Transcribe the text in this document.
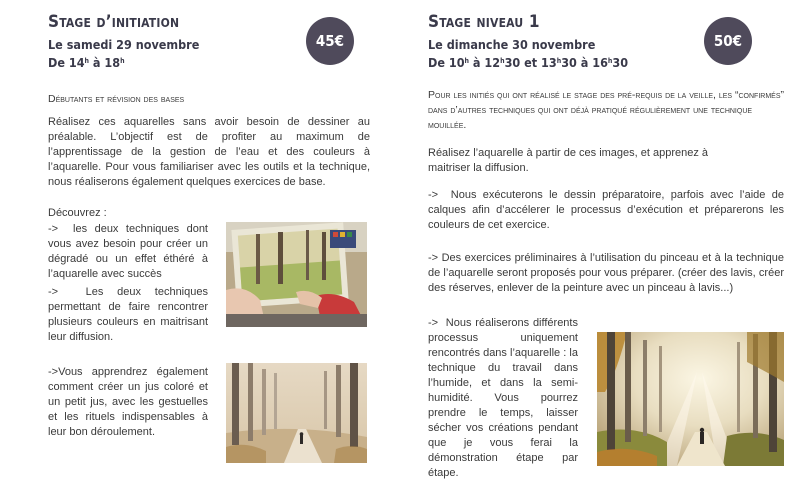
Stage d’initiation

Le samedi 29 novembre

De 14$^h$ à 18$^h$

Débutants et révision des bases

Réalisez ces aquarelles sans avoir besoin de dessiner au préalable. L’objectif est de profiter au maximum de l’apprentissage de la gestion de l’eau et des couleurs à l’aquarelle. Pour vous familiariser avec les outils et la technique, nous réaliserons également quelques exercices de base.

Découvrez :

-> les deux techniques dont vous avez besoin pour créer un dégradé ou un effet éthéré à l’aquarelle avec succès

->	Les deux techniques permettant de faire rencontrer plusieurs couleurs en maitrisant leur diffusion.

->Vous apprendrez également comment créer un jus coloré et un petit jus, avec les gestuelles et les rituels indispensables à leur bon déroulement.

45€
Stage niveau 1

Le dimanche 30 novembre

De 10$^h$ à 12$^h$30 et 13$^h$30 à 16$^h$30

Pour les initiés qui ont réalisé le stage des pré-requis de la veille, les “confirmés” dans d’autres techniques qui ont déjà pratiqué régulièrement une technique mouillée.

Réalisez l’aquarelle à partir de ces images, et apprenez à maitriser la diffusion.

-> Nous exécuterons le dessin préparatoire, parfois avec l’aide de calques afin d’accélerer le processus d’exécution et préparerons les couleurs de cet exercice.

-> Des exercices préliminaires à l’utilisation du pinceau et à la technique de l’aquarelle seront proposés pour vous préparer. (créer des lavis, créer des réserves, enlever de la peinture avec un pinceau à lavis...)

-> Nous réaliserons différents processus uniquement rencontrés dans l’aquarelle : la technique du travail dans l’humide, et dans la semi-humidité. Vous pourrez prendre le temps, laisser sécher vos créations pendant que je vous ferai la démonstration étape par étape.

50€
